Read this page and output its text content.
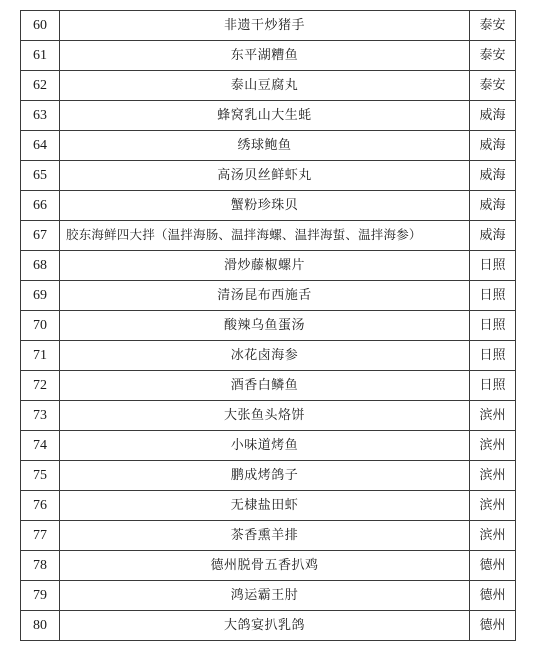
60	非遗干炒猪手	泰安
61	东平湖糟鱼	泰安
62	泰山豆腐丸	泰安
63	蜂窝乳山大生蚝	威海
64	绣球鲍鱼	威海
65	高汤贝丝鲜虾丸	威海
66	蟹粉珍珠贝	威海
67	胶东海鲜四大拌（温拌海肠、温拌海螺、温拌海蜇、温拌海参）	威海
68	滑炒藤椒螺片	日照
69	清汤昆布西施舌	日照
70	酸辣乌鱼蛋汤	日照
71	冰花卤海参	日照
72	酒香白鳞鱼	日照
73	大张鱼头烙饼	滨州
74	小味道烤鱼	滨州
75	鹏成烤鸽子	滨州
76	无棣盐田虾	滨州
77	茶香熏羊排	滨州
78	德州脱骨五香扒鸡	德州
79	鸿运霸王肘	德州
80	大鸽宴扒乳鸽	德州
